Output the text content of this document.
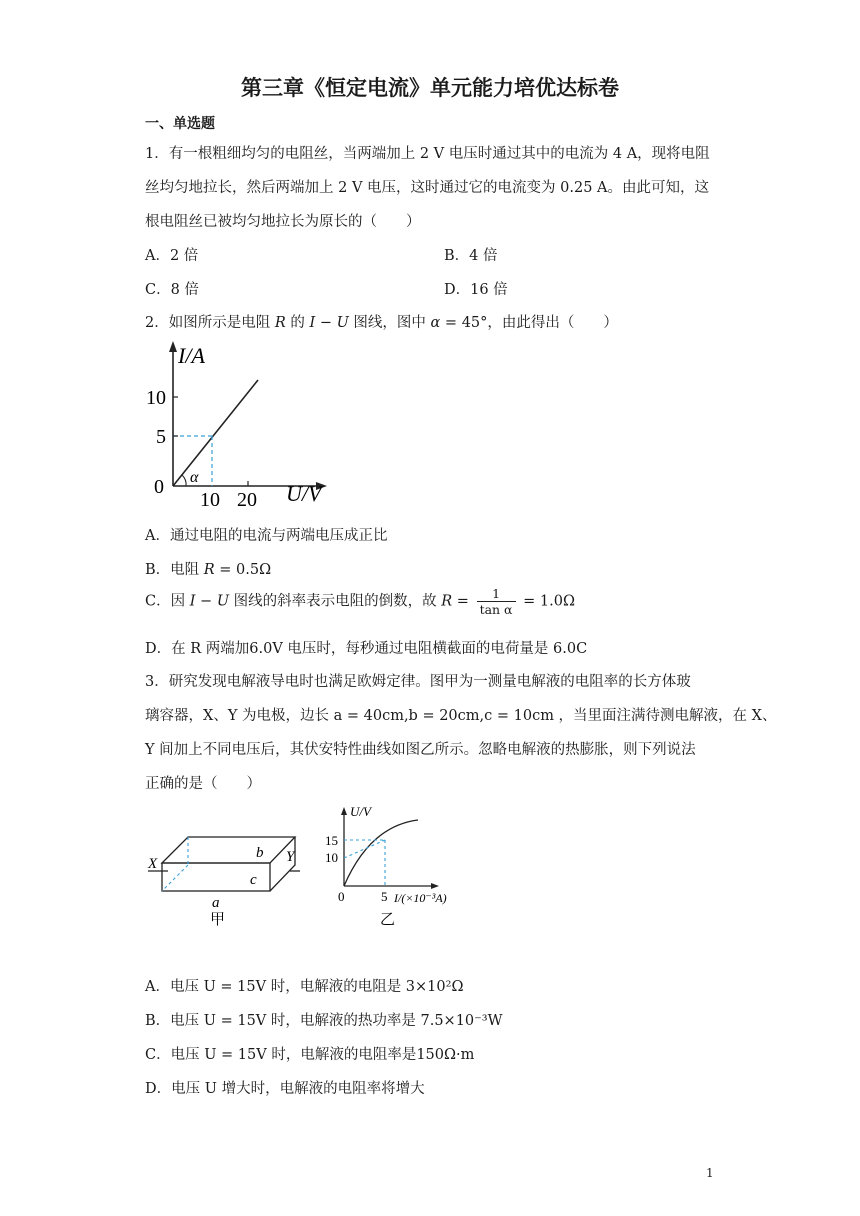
第三章《恒定电流》单元能力培优达标卷
一、单选题
1．有一根粗细均匀的电阻丝，当两端加上 2 V 电压时通过其中的电流为 4 A，现将电阻
丝均匀地拉长，然后两端加上 2 V 电压，这时通过它的电流变为 0.25 A。由此可知，这
根电阻丝已被均匀地拉长为原长的（　　）
A．2 倍	B．4 倍
C．8 倍	D．16 倍
2．如图所示是电阻 R 的 I − U 图线，图中 α = 45°，由此得出（　　）
I/A
U/V
10
5
0
10 20
α
A．通过电阻的电流与两端电压成正比
B．电阻 R = 0.5Ω
C．因 I − U 图线的斜率表示电阻的倒数，故 $R = \frac{1}{\text{tan α}} = 1.0\Omega$
D．在 R 两端加6.0V 电压时，每秒通过电阻横截面的电荷量是 6.0C
3．研究发现电解液导电时也满足欧姆定律。图甲为一测量电解液的电阻率的长方体玻
璃容器，X、Y 为电极，边长 a = 40cm,b = 20cm,c = 10cm ，当里面注满待测电解液，在 X、
Y 间加上不同电压后，其伏安特性曲线如图乙所示。忽略电解液的热膨胀，则下列说法
正确的是（　　）
X	Y
b
c
a
甲
U/V
I/(×10⁻³A)
15
10
0	5
乙
A．电压 U = 15V 时，电解液的电阻是 3×10²Ω
B．电压 U = 15V 时，电解液的热功率是 7.5×10⁻³W
C．电压 U = 15V 时，电解液的电阻率是150Ω·m
D．电压 U 增大时，电解液的电阻率将增大
1
